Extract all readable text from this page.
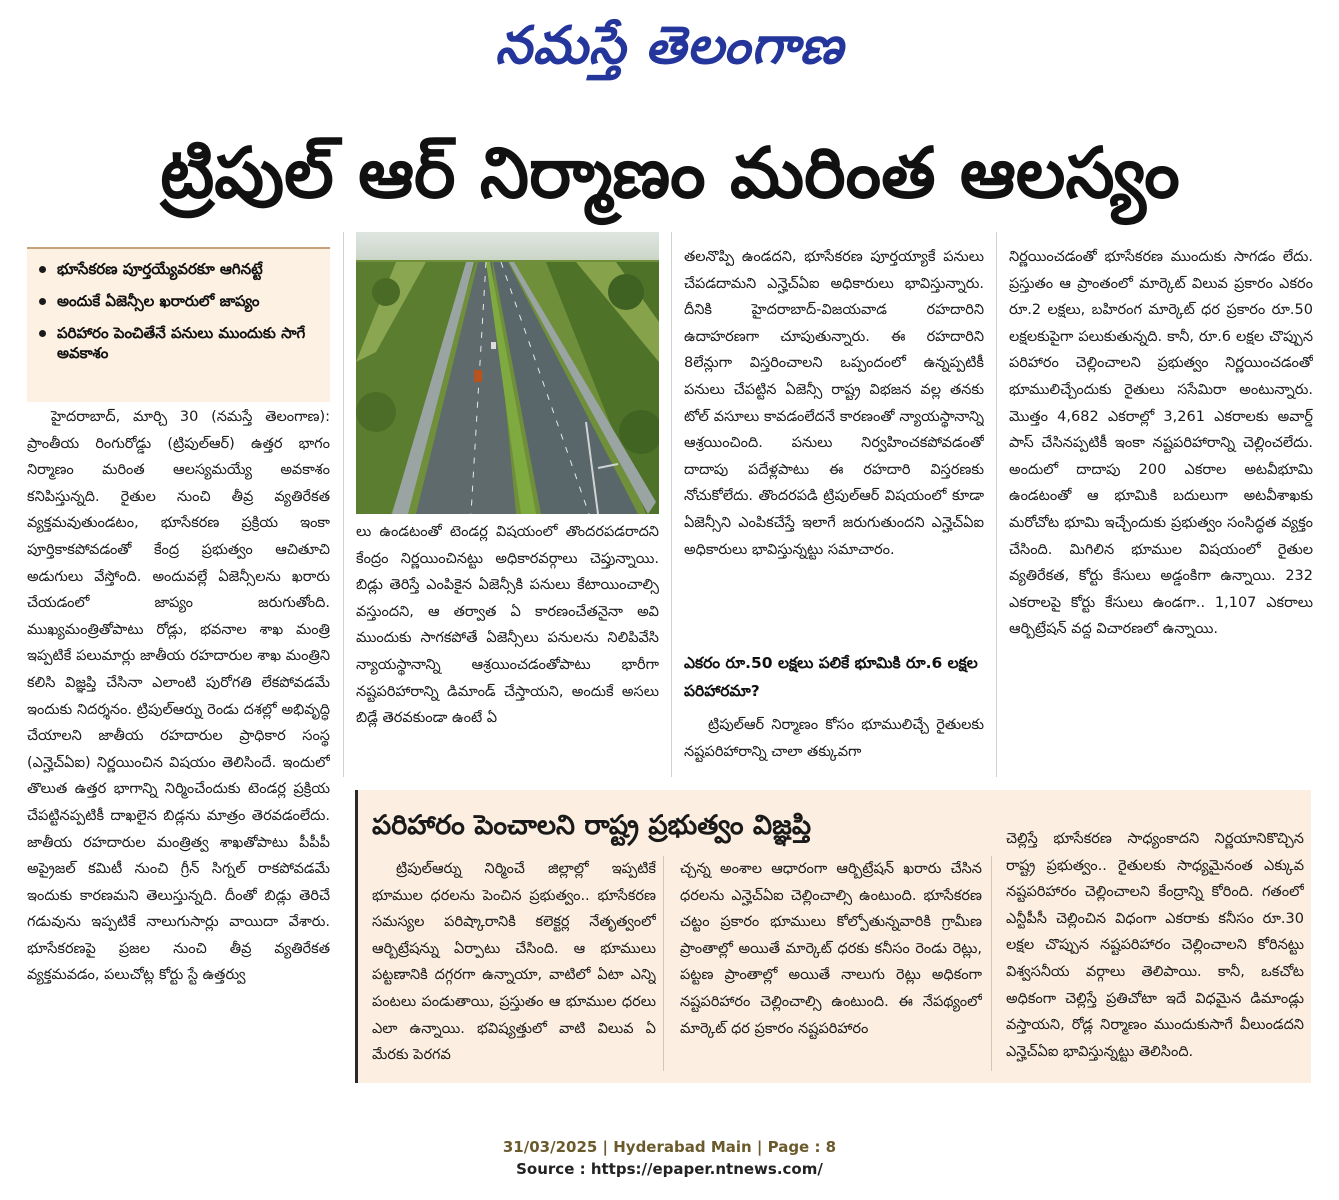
నమస్తే తెలంగాణ
ట్రిపుల్ ఆర్ నిర్మాణం మరింత ఆలస్యం
భూసేకరణ పూర్తయ్యేవరకూ ఆగినట్టే
అందుకే ఏజెన్సీల ఖరారులో జాప్యం
పరిహారం పెంచితేనే పనులు ముందుకు సాగే అవకాశం

హైదరాబాద్, మార్చి 30 (నమస్తే తెలంగాణ): ప్రాంతీయ రింగురోడ్డు (ట్రిపుల్ఆర్) ఉత్తర భాగం నిర్మాణం మరింత ఆలస్యమయ్యే అవకాశం కనిపిస్తున్నది. రైతుల నుంచి తీవ్ర వ్యతిరేకత వ్యక్తమవుతుండటం, భూసేకరణ ప్రక్రియ ఇంకా పూర్తికాకపోవడంతో కేంద్ర ప్రభుత్వం ఆచితూచి అడుగులు వేస్తోంది. అందువల్లే ఏజెన్సీలను ఖరారు చేయడంలో జాప్యం జరుగుతోంది. ముఖ్యమంత్రితోపాటు రోడ్లు, భవనాల శాఖ మంత్రి ఇప్పటికే పలుమార్లు జాతీయ రహదారుల శాఖ మంత్రిని కలిసి విజ్ఞప్తి చేసినా ఎలాంటి పురోగతి లేకపోవడమే ఇందుకు నిదర్శనం. ట్రిపుల్ఆర్ను రెండు దశల్లో అభివృద్ధి చేయాలని జాతీయ రహదారుల ప్రాధికార సంస్థ (ఎన్హెచ్ఏఐ) నిర్ణయించిన విషయం తెలిసిందే. ఇందులో తొలుత ఉత్తర భాగాన్ని నిర్మించేందుకు టెండర్ల ప్రక్రియ చేపట్టినప్పటికీ దాఖలైన బిడ్లను మాత్రం తెరవడంలేదు. జాతీయ రహదారుల మంత్రిత్వ శాఖతోపాటు పీపీపీ అప్రైజల్ కమిటీ నుంచి గ్రీన్ సిగ్నల్ రాకపోవడమే ఇందుకు కారణమని తెలుస్తున్నది. దీంతో బిడ్లు తెరిచే గడువును ఇప్పటికే నాలుగుసార్లు వాయిదా వేశారు. భూసేకరణపై ప్రజల నుంచి తీవ్ర వ్యతిరేకత వ్యక్తమవడం, పలుచోట్ల కోర్టు స్టే ఉత్తర్వు

లు ఉండటంతో టెండర్ల విషయంలో తొందరపడరాదని కేంద్రం నిర్ణయించినట్టు అధికారవర్గాలు చెప్తున్నాయి. బిడ్లు తెరిస్తే ఎంపికైన ఏజెన్సీకి పనులు కేటాయించాల్సి వస్తుందని, ఆ తర్వాత ఏ కారణంచేతనైనా అవి ముందుకు సాగకపోతే ఏజెన్సీలు పనులను నిలిపివేసి న్యాయస్థానాన్ని ఆశ్రయించడంతోపాటు భారీగా నష్టపరిహారాన్ని డిమాండ్ చేస్తాయని, అందుకే అసలు బిడ్లే తెరవకుండా ఉంటే ఏ

తలనొప్పి ఉండదని, భూసేకరణ పూర్తయ్యాకే పనులు చేపడదామని ఎన్హెచ్ఏఐ అధికారులు భావిస్తున్నారు. దీనికి హైదరాబాద్-విజయవాడ రహదారిని ఉదాహరణగా చూపుతున్నారు. ఈ రహదారిని 8లేన్లుగా విస్తరించాలని ఒప్పందంలో ఉన్నప్పటికీ పనులు చేపట్టిన ఏజెన్సీ రాష్ట్ర విభజన వల్ల తనకు టోల్ వసూలు కావడంలేదనే కారణంతో న్యాయస్థానాన్ని ఆశ్రయించింది. పనులు నిర్వహించకపోవడంతో దాదాపు పదేళ్లపాటు ఈ రహదారి విస్తరణకు నోచుకోలేదు. తొందరపడి ట్రిపుల్ఆర్ విషయంలో కూడా ఏజెన్సీని ఎంపికచేస్తే ఇలాగే జరుగుతుందని ఎన్హెచ్ఏఐ అధికారులు భావిస్తున్నట్టు సమాచారం.

ఎకరం రూ.50 లక్షలు పలికే భూమికి రూ.6 లక్షల పరిహారమా?

ట్రిపుల్ఆర్ నిర్మాణం కోసం భూములిచ్చే రైతులకు నష్టపరిహారాన్ని చాలా తక్కువగా

నిర్ణయించడంతో భూసేకరణ ముందుకు సాగడం లేదు. ప్రస్తుతం ఆ ప్రాంతంలో మార్కెట్ విలువ ప్రకారం ఎకరం రూ.2 లక్షలు, బహిరంగ మార్కెట్ ధర ప్రకారం రూ.50 లక్షలకుపైగా పలుకుతున్నది. కానీ, రూ.6 లక్షల చొప్పున పరిహారం చెల్లించాలని ప్రభుత్వం నిర్ణయించడంతో భూములిచ్చేందుకు రైతులు ససేమిరా అంటున్నారు. మొత్తం 4,682 ఎకరాల్లో 3,261 ఎకరాలకు అవార్డ్ పాస్ చేసినప్పటికీ ఇంకా నష్టపరిహారాన్ని చెల్లించలేదు. అందులో దాదాపు 200 ఎకరాల అటవీభూమి ఉండటంతో ఆ భూమికి బదులుగా అటవీశాఖకు మరోచోట భూమి ఇచ్చేందుకు ప్రభుత్వం సంసిద్ధత వ్యక్తం చేసింది. మిగిలిన భూముల విషయంలో రైతుల వ్యతిరేకత, కోర్టు కేసులు అడ్డంకిగా ఉన్నాయి. 232 ఎకరాలపై కోర్టు కేసులు ఉండగా.. 1,107 ఎకరాలు ఆర్బిట్రేషన్ వద్ద విచారణలో ఉన్నాయి.

పరిహారం పెంచాలని రాష్ట్ర ప్రభుత్వం విజ్ఞప్తి

ట్రిపుల్ఆర్ను నిర్మించే జిల్లాల్లో ఇప్పటికే భూముల ధరలను పెంచిన ప్రభుత్వం.. భూసేకరణ సమస్యల పరిష్కారానికి కలెక్టర్ల నేతృత్వంలో ఆర్బిట్రేషన్ను ఏర్పాటు చేసింది. ఆ భూములు పట్టణానికి దగ్గరగా ఉన్నాయా, వాటిలో ఏటా ఎన్ని పంటలు పండుతాయి, ప్రస్తుతం ఆ భూముల ధరలు ఎలా ఉన్నాయి. భవిష్యత్తులో వాటి విలువ ఏ మేరకు పెరగవ

చ్చన్న అంశాల ఆధారంగా ఆర్బిట్రేషన్ ఖరారు చేసిన ధరలను ఎన్హెచ్ఏఐ చెల్లించాల్సి ఉంటుంది. భూసేకరణ చట్టం ప్రకారం భూములు కోల్పోతున్నవారికి గ్రామీణ ప్రాంతాల్లో అయితే మార్కెట్ ధరకు కనీసం రెండు రెట్లు, పట్టణ ప్రాంతాల్లో అయితే నాలుగు రెట్లు అధికంగా నష్టపరిహారం చెల్లించాల్సి ఉంటుంది. ఈ నేపథ్యంలో మార్కెట్ ధర ప్రకారం నష్టపరిహారం

చెల్లిస్తే భూసేకరణ సాధ్యంకాదని నిర్ణయానికొచ్చిన రాష్ట్ర ప్రభుత్వం.. రైతులకు సాధ్యమైనంత ఎక్కువ నష్టపరిహారం చెల్లించాలని కేంద్రాన్ని కోరింది. గతంలో ఎన్టీపీసీ చెల్లించిన విధంగా ఎకరాకు కనీసం రూ.30 లక్షల చొప్పున నష్టపరిహారం చెల్లించాలని కోరినట్టు విశ్వసనీయ వర్గాలు తెలిపాయి. కానీ, ఒకచోట అధికంగా చెల్లిస్తే ప్రతిచోటా ఇదే విధమైన డిమాండ్లు వస్తాయని, రోడ్ల నిర్మాణం ముందుకుసాగే వీలుండదని ఎన్హెచ్ఏఐ భావిస్తున్నట్టు తెలిసింది.

31/03/2025 | Hyderabad Main | Page : 8
Source : https://epaper.ntnews.com/
